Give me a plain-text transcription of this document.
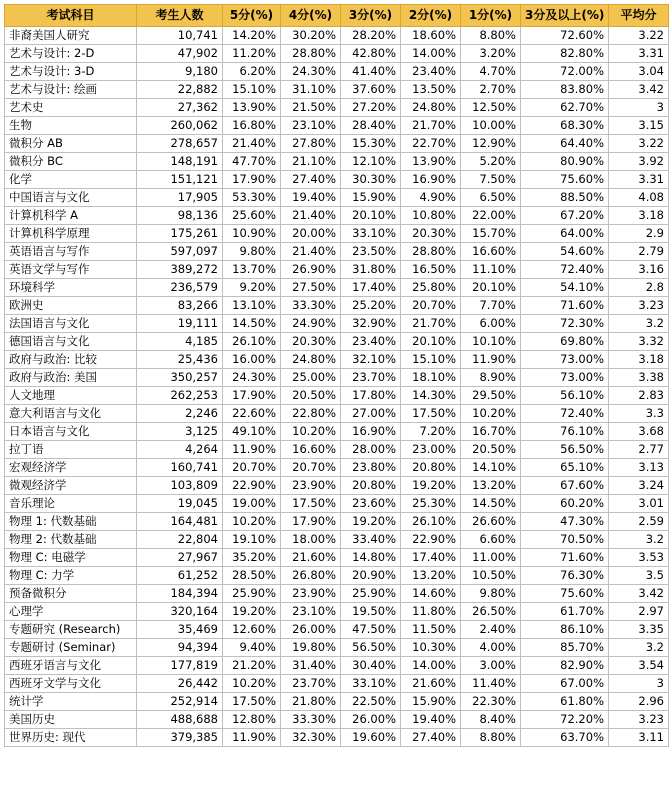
考试科目	考生人数	5分(%)	4分(%)	3分(%)	2分(%)	1分(%)	3分及以上(%)	平均分
非裔美国人研究	10,741	14.20%	30.20%	28.20%	18.60%	8.80%	72.60%	3.22
艺术与设计: 2-D	47,902	11.20%	28.80%	42.80%	14.00%	3.20%	82.80%	3.31
艺术与设计: 3-D	9,180	6.20%	24.30%	41.40%	23.40%	4.70%	72.00%	3.04
艺术与设计: 绘画	22,882	15.10%	31.10%	37.60%	13.50%	2.70%	83.80%	3.42
艺术史	27,362	13.90%	21.50%	27.20%	24.80%	12.50%	62.70%	3
生物	260,062	16.80%	23.10%	28.40%	21.70%	10.00%	68.30%	3.15
微积分 AB	278,657	21.40%	27.80%	15.30%	22.70%	12.90%	64.40%	3.22
微积分 BC	148,191	47.70%	21.10%	12.10%	13.90%	5.20%	80.90%	3.92
化学	151,121	17.90%	27.40%	30.30%	16.90%	7.50%	75.60%	3.31
中国语言与文化	17,905	53.30%	19.40%	15.90%	4.90%	6.50%	88.50%	4.08
计算机科学 A	98,136	25.60%	21.40%	20.10%	10.80%	22.00%	67.20%	3.18
计算机科学原理	175,261	10.90%	20.00%	33.10%	20.30%	15.70%	64.00%	2.9
英语语言与写作	597,097	9.80%	21.40%	23.50%	28.80%	16.60%	54.60%	2.79
英语文学与写作	389,272	13.70%	26.90%	31.80%	16.50%	11.10%	72.40%	3.16
环境科学	236,579	9.20%	27.50%	17.40%	25.80%	20.10%	54.10%	2.8
欧洲史	83,266	13.10%	33.30%	25.20%	20.70%	7.70%	71.60%	3.23
法国语言与文化	19,111	14.50%	24.90%	32.90%	21.70%	6.00%	72.30%	3.2
德国语言与文化	4,185	26.10%	20.30%	23.40%	20.10%	10.10%	69.80%	3.32
政府与政治: 比较	25,436	16.00%	24.80%	32.10%	15.10%	11.90%	73.00%	3.18
政府与政治: 美国	350,257	24.30%	25.00%	23.70%	18.10%	8.90%	73.00%	3.38
人文地理	262,253	17.90%	20.50%	17.80%	14.30%	29.50%	56.10%	2.83
意大利语言与文化	2,246	22.60%	22.80%	27.00%	17.50%	10.20%	72.40%	3.3
日本语言与文化	3,125	49.10%	10.20%	16.90%	7.20%	16.70%	76.10%	3.68
拉丁语	4,264	11.90%	16.60%	28.00%	23.00%	20.50%	56.50%	2.77
宏观经济学	160,741	20.70%	20.70%	23.80%	20.80%	14.10%	65.10%	3.13
微观经济学	103,809	22.90%	23.90%	20.80%	19.20%	13.20%	67.60%	3.24
音乐理论	19,045	19.00%	17.50%	23.60%	25.30%	14.50%	60.20%	3.01
物理 1: 代数基础	164,481	10.20%	17.90%	19.20%	26.10%	26.60%	47.30%	2.59
物理 2: 代数基础	22,804	19.10%	18.00%	33.40%	22.90%	6.60%	70.50%	3.2
物理 C: 电磁学	27,967	35.20%	21.60%	14.80%	17.40%	11.00%	71.60%	3.53
物理 C: 力学	61,252	28.50%	26.80%	20.90%	13.20%	10.50%	76.30%	3.5
预备微积分	184,394	25.90%	23.90%	25.90%	14.60%	9.80%	75.60%	3.42
心理学	320,164	19.20%	23.10%	19.50%	11.80%	26.50%	61.70%	2.97
专题研究 (Research)	35,469	12.60%	26.00%	47.50%	11.50%	2.40%	86.10%	3.35
专题研讨 (Seminar)	94,394	9.40%	19.80%	56.50%	10.30%	4.00%	85.70%	3.2
西班牙语言与文化	177,819	21.20%	31.40%	30.40%	14.00%	3.00%	82.90%	3.54
西班牙文学与文化	26,442	10.20%	23.70%	33.10%	21.60%	11.40%	67.00%	3
统计学	252,914	17.50%	21.80%	22.50%	15.90%	22.30%	61.80%	2.96
美国历史	488,688	12.80%	33.30%	26.00%	19.40%	8.40%	72.20%	3.23
世界历史: 现代	379,385	11.90%	32.30%	19.60%	27.40%	8.80%	63.70%	3.11
